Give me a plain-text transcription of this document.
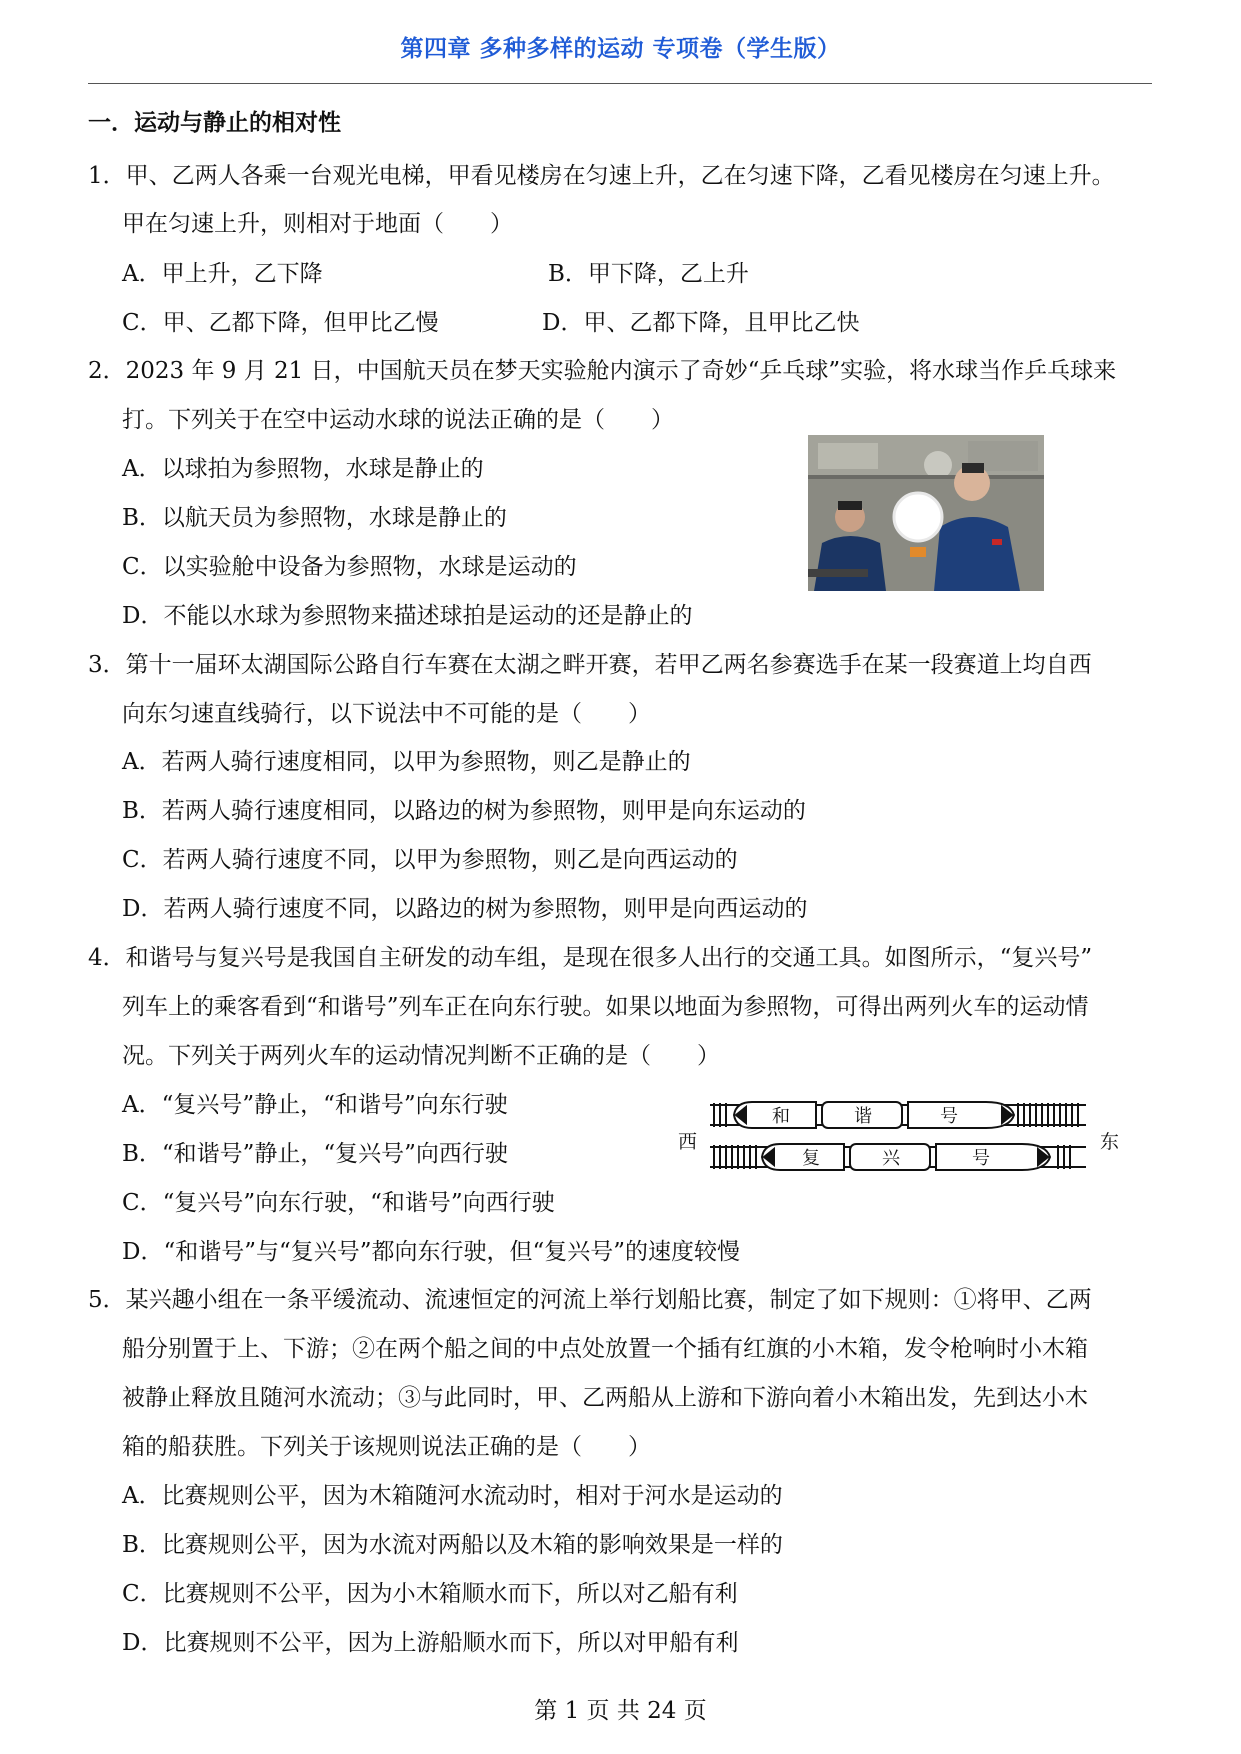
第四章 多种多样的运动 专项卷（学生版）
一．运动与静止的相对性
1．甲、乙两人各乘一台观光电梯，甲看见楼房在匀速上升，乙在匀速下降，乙看见楼房在匀速上升。
甲在匀速上升，则相对于地面（　　）
A．甲上升，乙下降	B．甲下降，乙上升
C．甲、乙都下降，但甲比乙慢	D．甲、乙都下降，且甲比乙快
2．2023 年 9 月 21 日，中国航天员在梦天实验舱内演示了奇妙“乒乓球”实验，将水球当作乒乓球来
打。下列关于在空中运动水球的说法正确的是（　　）
A．以球拍为参照物，水球是静止的
B．以航天员为参照物，水球是静止的
C．以实验舱中设备为参照物，水球是运动的
D．不能以水球为参照物来描述球拍是运动的还是静止的
3．第十一届环太湖国际公路自行车赛在太湖之畔开赛，若甲乙两名参赛选手在某一段赛道上均自西
向东匀速直线骑行，以下说法中不可能的是（　　）
A．若两人骑行速度相同，以甲为参照物，则乙是静止的
B．若两人骑行速度相同，以路边的树为参照物，则甲是向东运动的
C．若两人骑行速度不同，以甲为参照物，则乙是向西运动的
D．若两人骑行速度不同，以路边的树为参照物，则甲是向西运动的
4．和谐号与复兴号是我国自主研发的动车组，是现在很多人出行的交通工具。如图所示，“复兴号”
列车上的乘客看到“和谐号”列车正在向东行驶。如果以地面为参照物，可得出两列火车的运动情
况。下列关于两列火车的运动情况判断不正确的是（　　）
A．“复兴号”静止，“和谐号”向东行驶
B．“和谐号”静止，“复兴号”向西行驶
C．“复兴号”向东行驶，“和谐号”向西行驶
D．“和谐号”与“复兴号”都向东行驶，但“复兴号”的速度较慢
西	东
和	谐	号
复	兴	号
5．某兴趣小组在一条平缓流动、流速恒定的河流上举行划船比赛，制定了如下规则：①将甲、乙两
船分别置于上、下游；②在两个船之间的中点处放置一个插有红旗的小木箱，发令枪响时小木箱
被静止释放且随河水流动；③与此同时，甲、乙两船从上游和下游向着小木箱出发，先到达小木
箱的船获胜。下列关于该规则说法正确的是（　　）
A．比赛规则公平，因为木箱随河水流动时，相对于河水是运动的
B．比赛规则公平，因为水流对两船以及木箱的影响效果是一样的
C．比赛规则不公平，因为小木箱顺水而下，所以对乙船有利
D．比赛规则不公平，因为上游船顺水而下，所以对甲船有利
第 1 页 共 24 页
